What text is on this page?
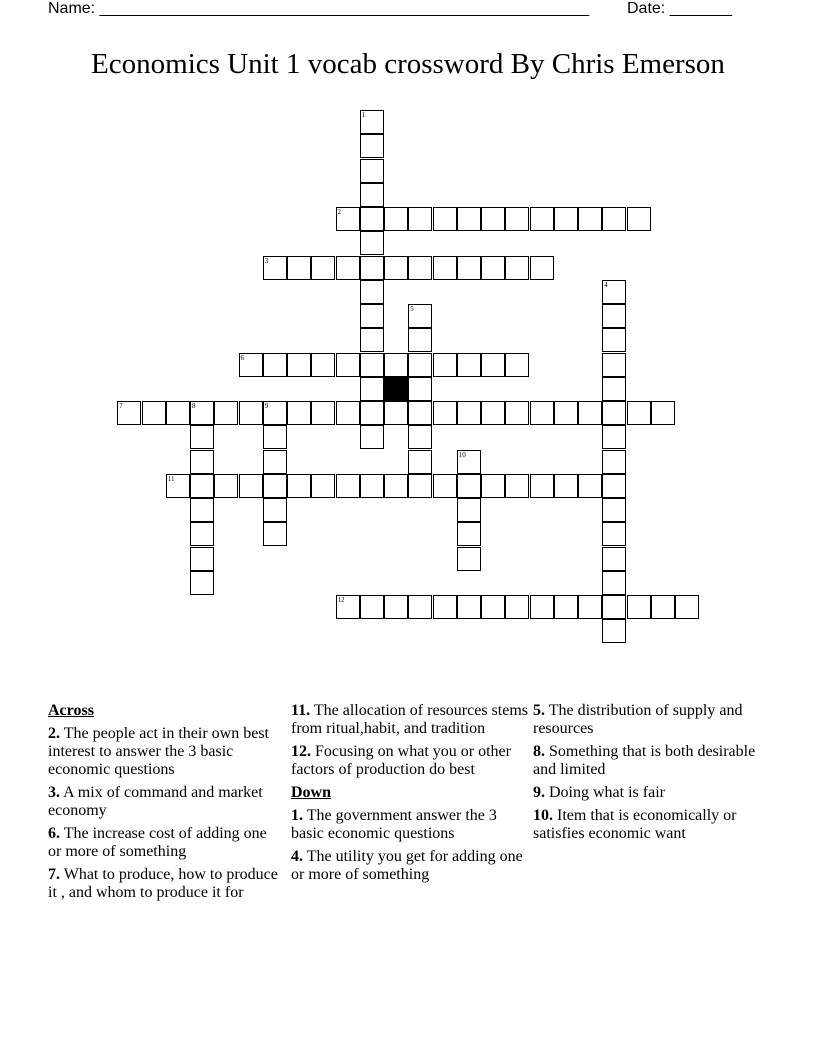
Name: _______________________________________________________ Date: _______
Economics Unit 1 vocab crossword By Chris Emerson
1
2
3
4
5
6
7	8	9
10
11
12
Across
2. The people act in their own best interest to answer the 3 basic economic questions
3. A mix of command and market economy
6. The increase cost of adding one or more of something
7. What to produce, how to produce it , and whom to produce it for
11. The allocation of resources stems from ritual,habit, and tradition
12. Focusing on what you or other factors of production do best
Down
1. The government answer the 3 basic economic questions
4. The utility you get for adding one or more of something
5. The distribution of supply and resources
8. Something that is both desirable and limited
9. Doing what is fair
10. Item that is economically or satisfies economic want
